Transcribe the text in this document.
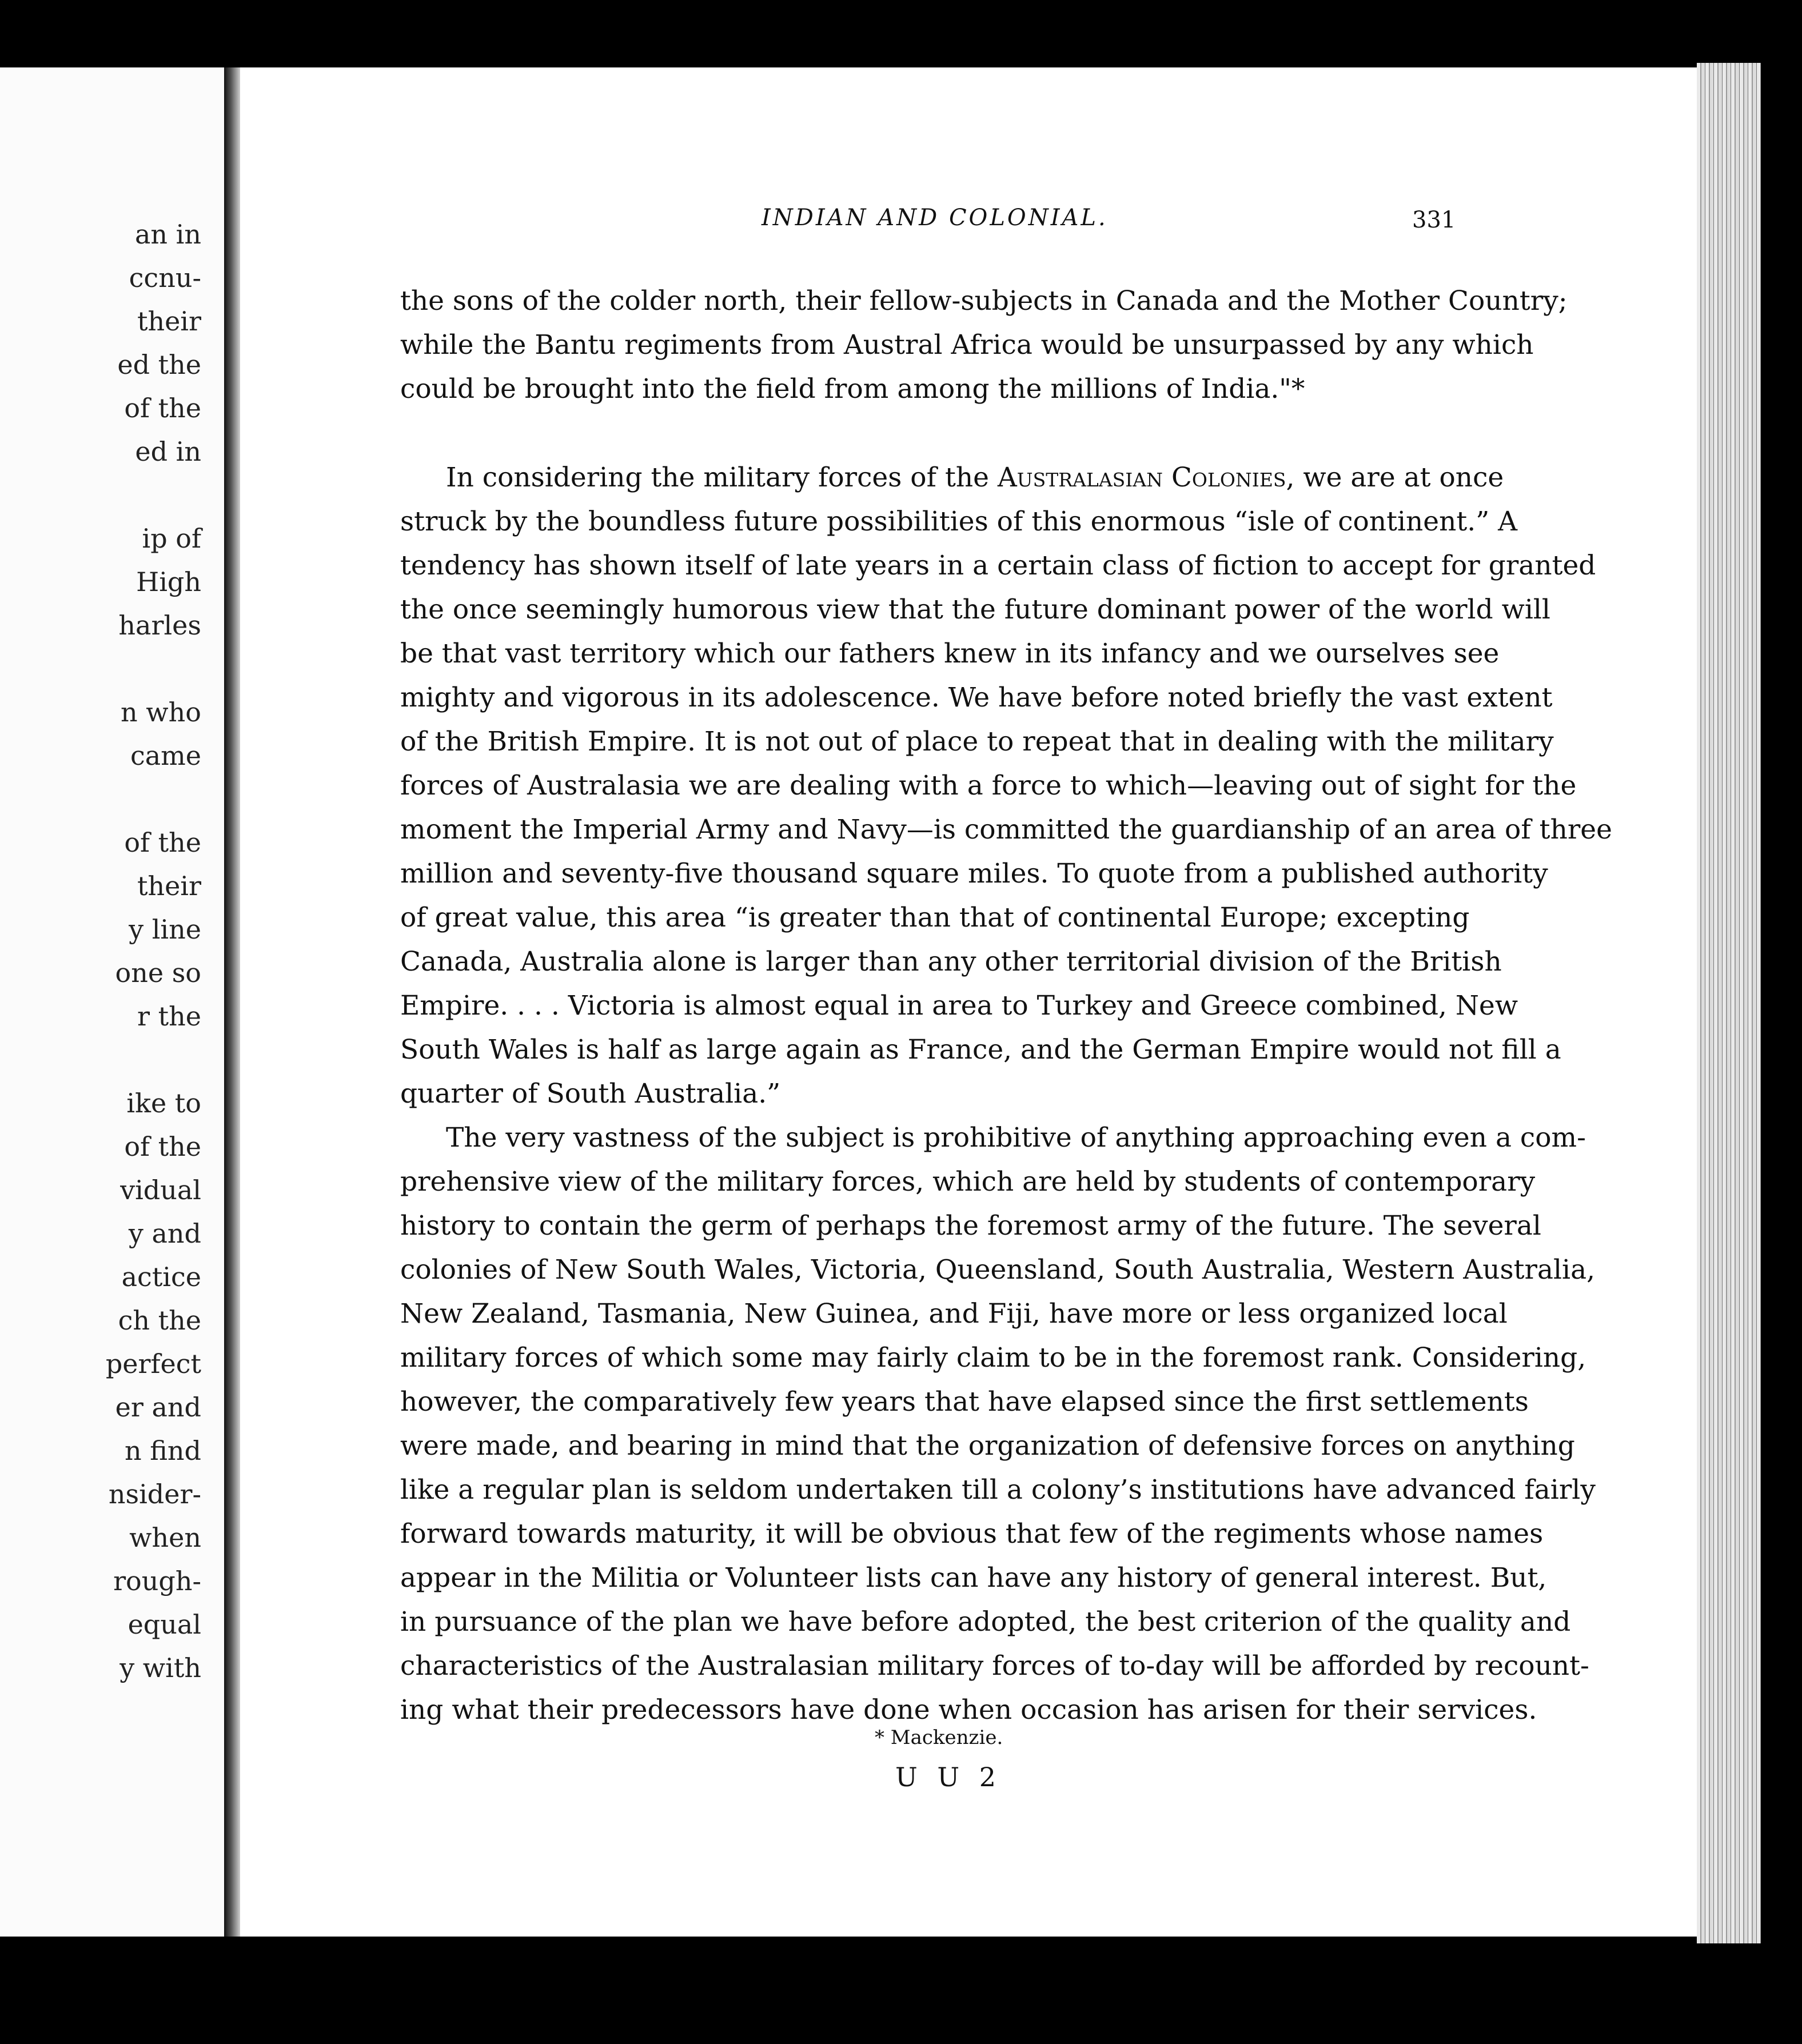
an in
ccnu-
their
ed the
of the
ed in
ip of
High
harles
n who
came
of the
their
y line
one so
r the
ike to
of the
vidual
y and
actice
ch the
perfect
er and
n find
nsider-
when
rough-
equal
y with
INDIAN AND COLONIAL.	331
the sons of the colder north, their fellow-subjects in Canada and the Mother Country;
while the Bantu regiments from Austral Africa would be unsurpassed by any which
could be brought into the field from among the millions of India."*
In considering the military forces of the Australasian Colonies, we are at once
struck by the boundless future possibilities of this enormous “isle of continent.” A
tendency has shown itself of late years in a certain class of fiction to accept for granted
the once seemingly humorous view that the future dominant power of the world will
be that vast territory which our fathers knew in its infancy and we ourselves see
mighty and vigorous in its adolescence. We have before noted briefly the vast extent
of the British Empire. It is not out of place to repeat that in dealing with the military
forces of Australasia we are dealing with a force to which—leaving out of sight for the
moment the Imperial Army and Navy—is committed the guardianship of an area of three
million and seventy-five thousand square miles. To quote from a published authority
of great value, this area “is greater than that of continental Europe; excepting
Canada, Australia alone is larger than any other territorial division of the British
Empire. . . . Victoria is almost equal in area to Turkey and Greece combined, New
South Wales is half as large again as France, and the German Empire would not fill a
quarter of South Australia.”
The very vastness of the subject is prohibitive of anything approaching even a com-
prehensive view of the military forces, which are held by students of contemporary
history to contain the germ of perhaps the foremost army of the future. The several
colonies of New South Wales, Victoria, Queensland, South Australia, Western Australia,
New Zealand, Tasmania, New Guinea, and Fiji, have more or less organized local
military forces of which some may fairly claim to be in the foremost rank. Considering,
however, the comparatively few years that have elapsed since the first settlements
were made, and bearing in mind that the organization of defensive forces on anything
like a regular plan is seldom undertaken till a colony’s institutions have advanced fairly
forward towards maturity, it will be obvious that few of the regiments whose names
appear in the Militia or Volunteer lists can have any history of general interest. But,
in pursuance of the plan we have before adopted, the best criterion of the quality and
characteristics of the Australasian military forces of to-day will be afforded by recount-
ing what their predecessors have done when occasion has arisen for their services.
* Mackenzie.
U U 2
